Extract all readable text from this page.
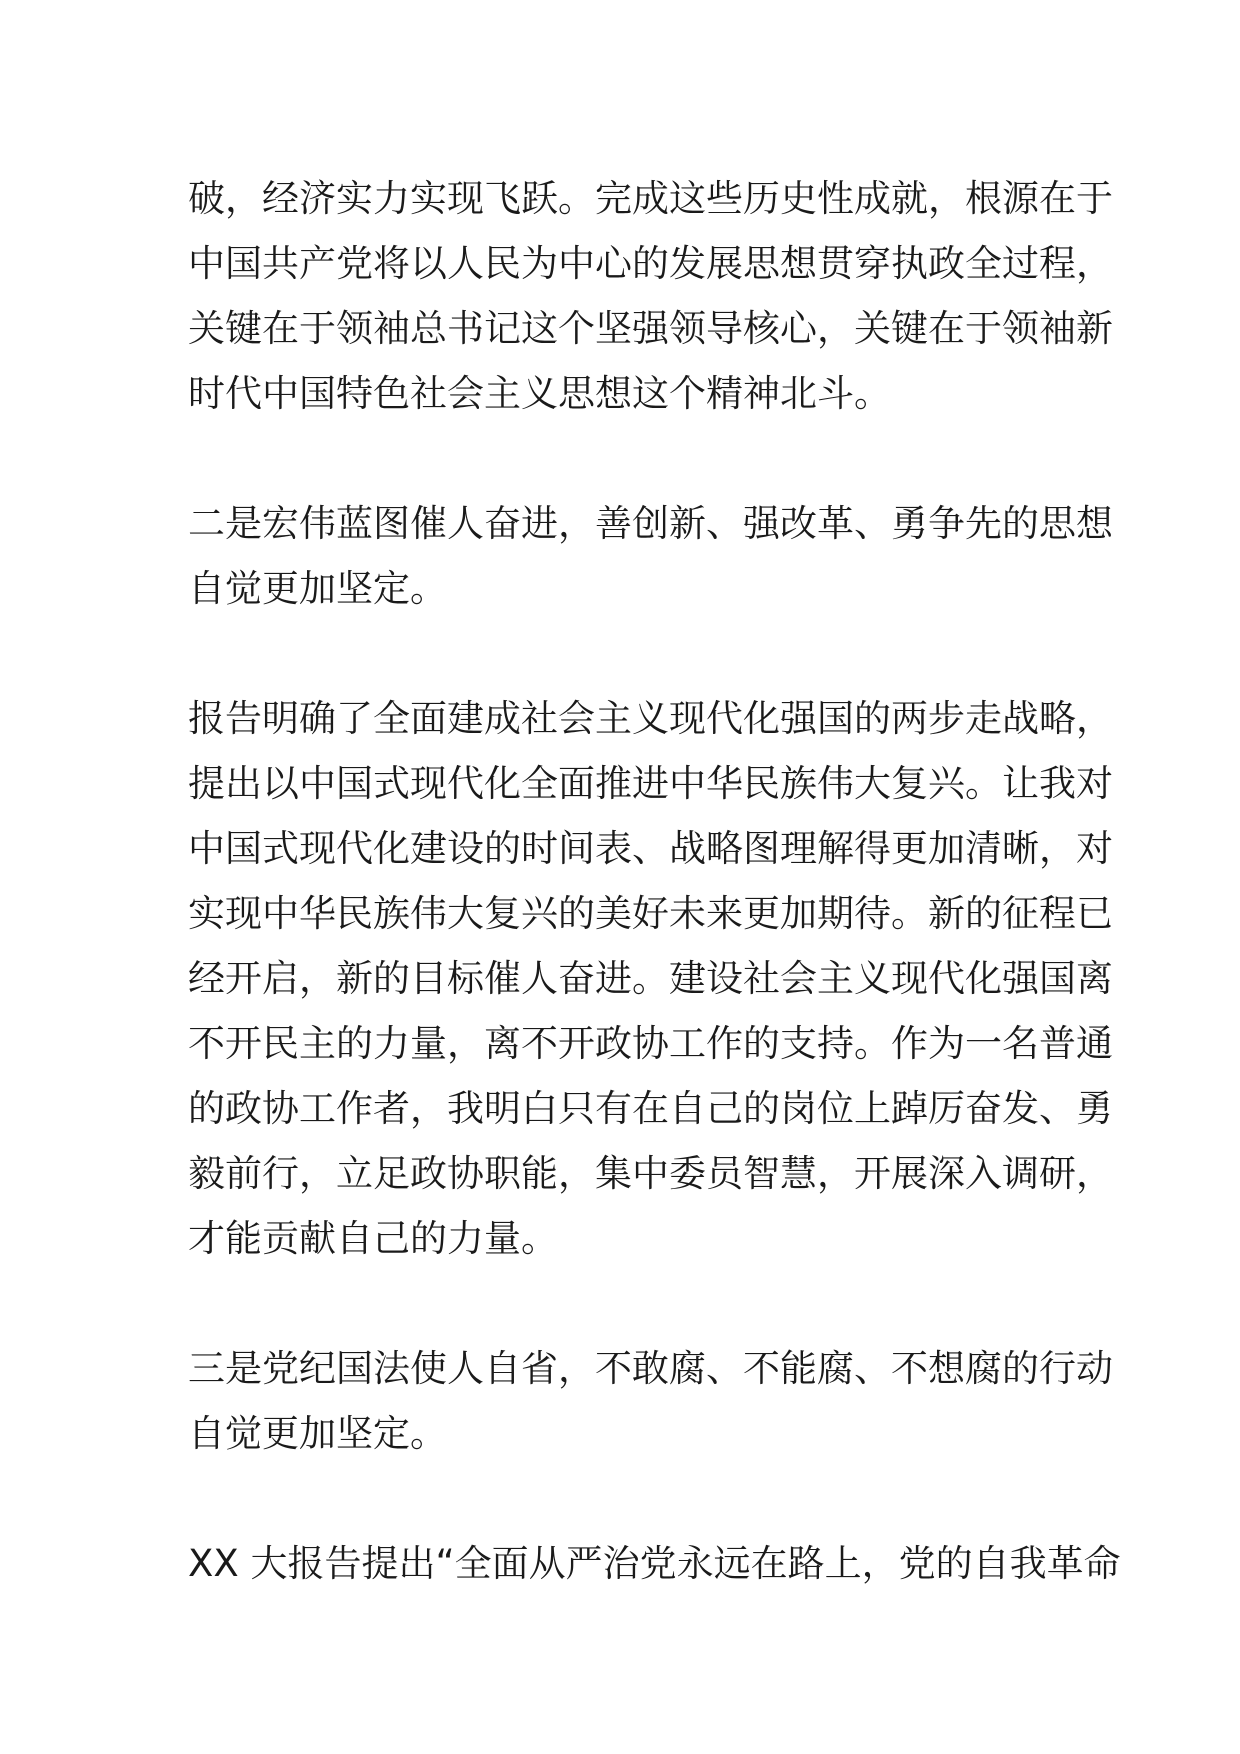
破，经济实力实现飞跃。完成这些历史性成就，根源在于
中国共产党将以人民为中心的发展思想贯穿执政全过程，
关键在于领袖总书记这个坚强领导核心，关键在于领袖新
时代中国特色社会主义思想这个精神北斗。
二是宏伟蓝图催人奋进，善创新、强改革、勇争先的思想
自觉更加坚定。
报告明确了全面建成社会主义现代化强国的两步走战略，
提出以中国式现代化全面推进中华民族伟大复兴。让我对
中国式现代化建设的时间表、战略图理解得更加清晰，对
实现中华民族伟大复兴的美好未来更加期待。新的征程已
经开启，新的目标催人奋进。建设社会主义现代化强国离
不开民主的力量，离不开政协工作的支持。作为一名普通
的政协工作者，我明白只有在自己的岗位上踔厉奋发、勇
毅前行，立足政协职能，集中委员智慧，开展深入调研，
才能贡献自己的力量。
三是党纪国法使人自省，不敢腐、不能腐、不想腐的行动
自觉更加坚定。
XX 大报告提出“全面从严治党永远在路上，党的自我革命
